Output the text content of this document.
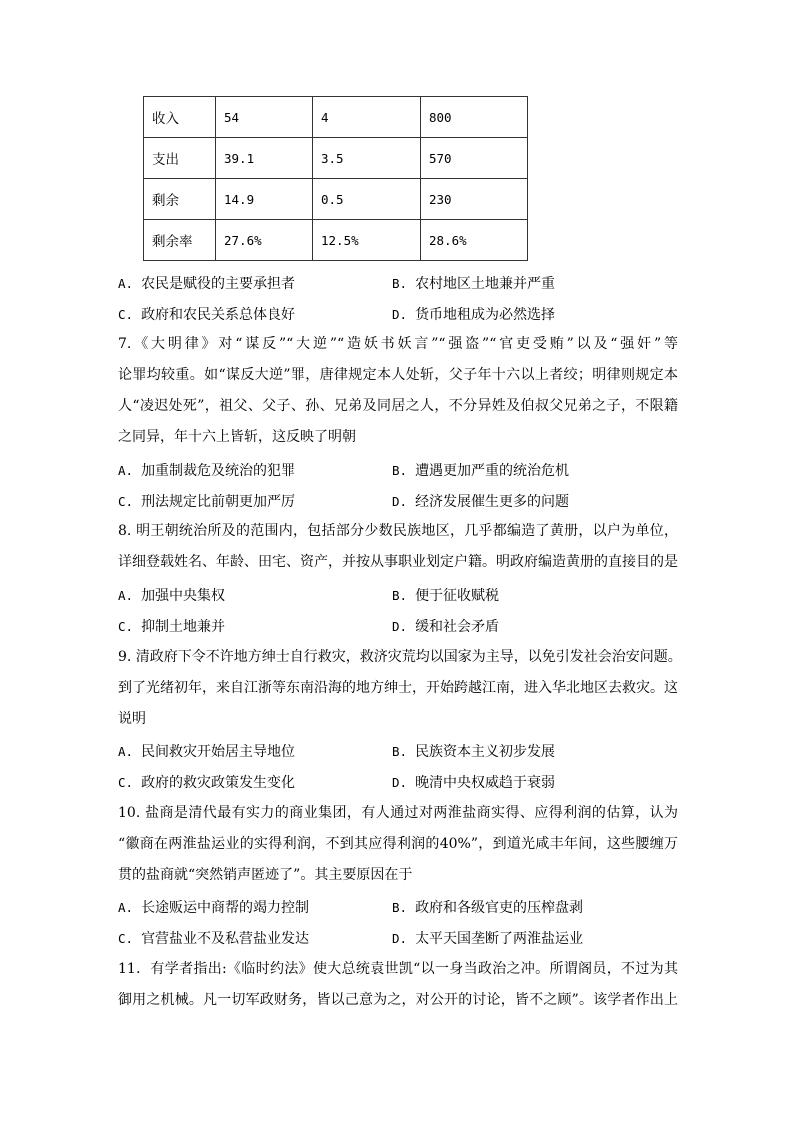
收入	54	4	800
支出	39.1	3.5	570
剩余	14.9	0.5	230
剩余率	27.6%	12.5%	28.6%
A. 农民是赋役的主要承担者	B. 农村地区土地兼并严重
C. 政府和农民关系总体良好	D. 货币地租成为必然选择
7.《大明律》对“谋反”“大逆”“造妖书妖言”“强盗”“官吏受贿”以及“强奸”等
论罪均较重。如“谋反大逆”罪，唐律规定本人处斩，父子年十六以上者绞；明律则规定本
人“凌迟处死”，祖父、父子、孙、兄弟及同居之人，不分异姓及伯叔父兄弟之子，不限籍
之同异，年十六上皆斩，这反映了明朝
A. 加重制裁危及统治的犯罪	B. 遭遇更加严重的统治危机
C. 刑法规定比前朝更加严厉	D. 经济发展催生更多的问题
8. 明王朝统治所及的范围内，包括部分少数民族地区，几乎都编造了黄册，以户为单位，
详细登载姓名、年龄、田宅、资产，并按从事职业划定户籍。明政府编造黄册的直接目的是
A. 加强中央集权	B. 便于征收赋税
C. 抑制土地兼并	D. 缓和社会矛盾
9. 清政府下令不许地方绅士自行救灾，救济灾荒均以国家为主导，以免引发社会治安问题。
到了光绪初年，来自江浙等东南沿海的地方绅士，开始跨越江南，进入华北地区去救灾。这
说明
A. 民间救灾开始居主导地位	B. 民族资本主义初步发展
C. 政府的救灾政策发生变化	D. 晚清中央权威趋于衰弱
10. 盐商是清代最有实力的商业集团，有人通过对两淮盐商实得、应得利润的估算，认为
“徽商在两淮盐运业的实得利润，不到其应得利润的40%”，到道光咸丰年间，这些腰缠万
贯的盐商就“突然销声匿迹了”。其主要原因在于
A. 长途贩运中商帮的竭力控制	B. 政府和各级官吏的压榨盘剥
C. 官营盐业不及私营盐业发达	D. 太平天国垄断了两淮盐运业
11．有学者指出:《临时约法》使大总统袁世凯“以一身当政治之冲。所谓阁员，不过为其
御用之机械。凡一切军政财务，皆以己意为之，对公开的讨论，皆不之顾”。该学者作出上
